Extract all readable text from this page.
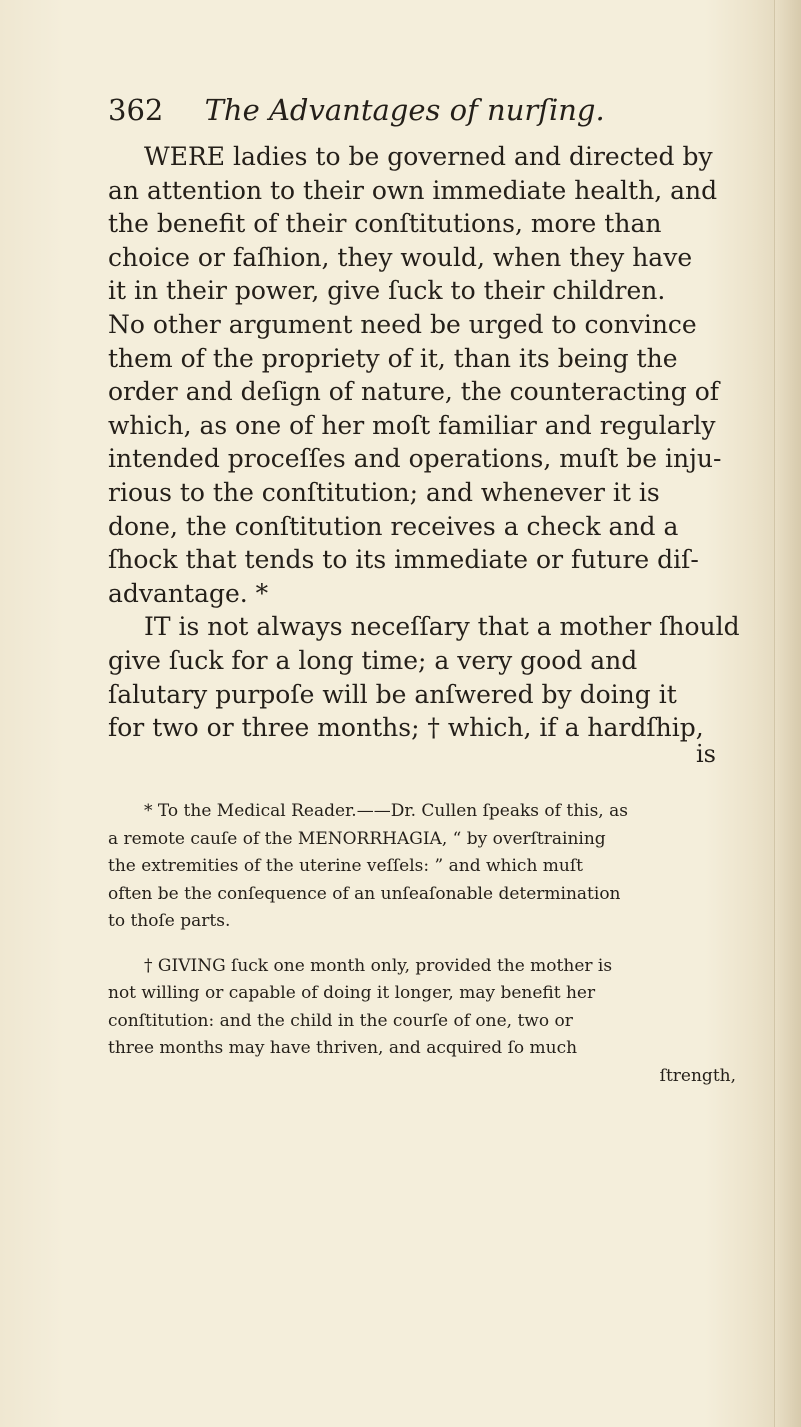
362 The Advantages of nurſing.
WERE ladies to be governed and directed by
an attention to their own immediate health, and
the benefit of their conſtitutions, more than
choice or faſhion, they would, when they have
it in their power, give ſuck to their children.
No other argument need be urged to convince
them of the propriety of it, than its being the
order and deſign of nature, the counteracting of
which, as one of her moſt familiar and regularly
intended proceſſes and operations, muſt be inju-
rious to the conſtitution; and whenever it is
done, the conſtitution receives a check and a
ſhock that tends to its immediate or future diſ-
advantage. *
IT is not always neceſſary that a mother ſhould
give ſuck for a long time; a very good and
ſalutary purpoſe will be anſwered by doing it
for two or three months; † which, if a hardſhip,
is
* To the Medical Reader.——Dr. Cullen ſpeaks of this, as
a remote cauſe of the MENORRHAGIA, “ by overſtraining
the extremities of the uterine veſſels: ” and which muſt
often be the conſequence of an unſeaſonable determination
to thoſe parts.
† GIVING ſuck one month only, provided the mother is
not willing or capable of doing it longer, may benefit her
conſtitution: and the child in the courſe of one, two or
three months may have thriven, and acquired ſo much
ſtrength,
